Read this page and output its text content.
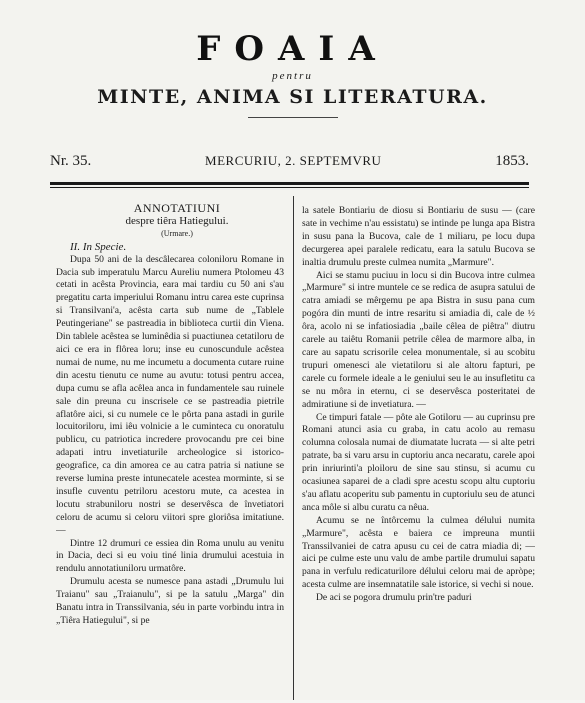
FOAIA
pentru
MINTE, ANIMA SI LITERATURA.
Nr. 35.	MERCURIU, 2. SEPTEMVRU	1853.

ANNOTATIUNI

despre tiêra Hatiegului.

(Urmare.)

II. In Specie.

Dupa 50 ani de la descâlecarea coloniloru Romane in Dacia sub imperatulu Marcu Aureliu numera Ptolomeu 43 cetati in acêsta Provincia, eara mai tardiu cu 50 ani s'au pregatitu carta imperiului Romanu intru carea este cuprinsa si Transilvani'a, acêsta carta sub nume de „Tablele Peutingeriane" se pastreadia in biblioteca curtii din Viena. Din tablele acêstea se luminêdia si puactiunea cetatiloru de aici ce era in flôrea loru; inse eu cunoscundule acêstea numai de nume, nu me incumetu a documenta cutare ruine din acestu tienutu ce nume au avutu: totusi pentru accea, dupa cumu se afla acêlea anca in fundamentele sau ruinele sale din preuna cu inscrisele ce se pastreadia pietrile aflatôre aici, si cu numele ce le pôrta pana astadi in gurile locuitoriloru, imi iêu volnicie a le cuminteca cu onoratulu publicu, cu patriotica incredere provocandu pre cei bine adapati intru invetiaturile archeologice si istorico-geografice, ca din amorea ce au catra patria si natiune se reverse lumina preste intunecatele acestea morminte, si se insufle cuventu petriloru acestoru mute, ca acestea in locutu strabuniloru nostri se deservêsca de învetiatori celoru de acumu si celoru viitori spre gloriôsa imitatiune. —

Dintre 12 drumuri ce essiea din Roma unulu au venitu in Dacia, deci si eu voiu tiné linia drumului acestuia in rendulu annotatiuniloru urmatôre.

Drumulu acesta se numesce pana astadi „Drumulu lui Traianu" sau „Traianulu", si pe la satulu „Marga" din Banatu intra in Transsilvania, séu in parte vorbindu intra in „Tiêra Hatiegului", si pe

la satele Bontiariu de diosu si Bontiariu de susu — (care sate in vechime n'au essistatu) se intinde pe lunga apa Bistra in susu pana la Bucova, cale de 1 miliaru, pe locu dupa decurgerea apei paralele redicatu, eara la satulu Bucova se inaltia drumulu preste culmea numita „Marmure".

Aici se stamu puciuu in locu si din Bucova intre culmea „Marmure" si intre muntele ce se redica de asupra satului de catra amiadi se mêrgemu pe apa Bistra in susu pana cum pogóra din munti de intre resaritu si amiadia di, cale de ½ ôra, acolo ni se infatiosiadia „baile cêlea de piêtra" diutru carele au taiêtu Romanii petrile cêlea de marmore alba, in care au sapatu scrisorile celea monumentale, si au scobitu trupuri omenesci ale vietatiloru si ale altoru fapturi, pe carele cu formele ideale a le geniului seu le au insufletitu ca se nu môra in eternu, ci se deservêsca posteritatei de admiratiune si de invetiatura. —

Ce timpuri fatale — pôte ale Gotiloru — au cuprinsu pre Romani atunci asia cu graba, in catu acolo au remasu columna colosala numai de diumatate lucrata — si alte petri patrate, ba si varu arsu in cuptoriu anca necaratu, carele apoi prin inriurinti'a ploiloru de sine sau stinsu, si acumu cu ocasiunea saparei de a cladi spre acestu scopu altu cuptoriu s'au aflatu acoperitu sub pamentu in cuptoriulu seu de atunci anca môle si albu curatu ca nêua.

Acumu se ne întôrcemu la culmea délului numita „Marmure", acêsta e baiera ce impreuna muntii Transsilvaniei de catra apusu cu cei de catra miadia di; — aici pe culme este unu valu de ambe partile drumului sapatu pana in verfulu redicaturilore délului celoru mai de apròpe; acesta culme are insemnatatile sale istorice, si vechi si noue.

De aci se pogora drumulu prin'tre paduri
